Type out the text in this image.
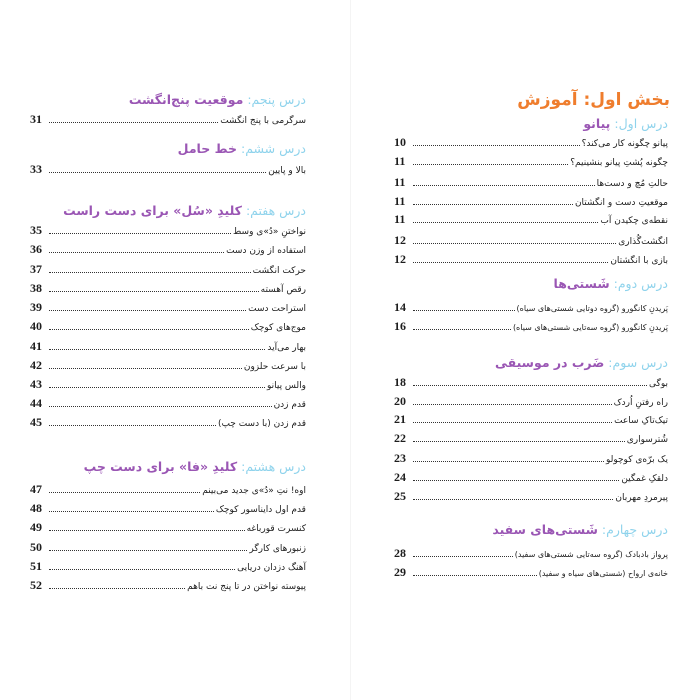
بخش اول: آموزش
درس اول: پیانو
پیانو چگونه کار می‌کند؟
10
چگونه پُشتِ پیانو بنشینیم؟
11
حالتِ مُچ و دست‌ها
11
موقعیتِ دست و انگشتان
11
نقطه‌ی چکیدن آب
11
انگشت‌گُذاری
12
بازی با انگشتان
12
درس دوم: شَستی‌ها
پَریدنِ کانگورو (گروه دوتایی شستی‌های سیاه)
14
پَریدنِ کانگورو (گروه سه‌تایی شستی‌های سیاه)
16
درس سوم: ضَرب در موسیقی
بوگی
18
راه رفتنِ اُردک
20
تیک‌تاکِ ساعت
21
شُترسواری
22
یک برّه‌ی کوچولو
23
دلقکِ غمگین
24
پیرمردِ مهربان
25
درس چهارم: شَستی‌های سفید
پرواز بادبادک (گروه سه‌تایی شستی‌های سفید)
28
خانه‌ی ارواح (شستی‌های سیاه و سفید)
29
درس پنجم: موقعیت پنج‌انگشت
سرگرمی با پنج انگشت
31
درس ششم: خط حامل
بالا و پایین
33
درس هفتم: کلیدِ «سُل» برای دست راست
نواختنِ «دُ»ی وسط
35
استفاده از وزن دست
36
حرکت انگشت
37
رقص آهسته
38
استراحت دست
39
موج‌های کوچک
40
بهار می‌آید
41
با سرعت حلزون
42
والس پیانو
43
قدم زدن
44
قدم زدن (با دست چپ)
45
درس هشتم: کلیدِ «فا» برای دست چپ
اوه! نتِ «دُ»ی جدید می‌بینم
47
قدم اول دایناسور کوچک
48
کنسرت قورباغه
49
زنبورهای کارگر
50
آهنگ دزدان دریایی
51
پیوسته نواختن در تا پنج نت باهم
52
